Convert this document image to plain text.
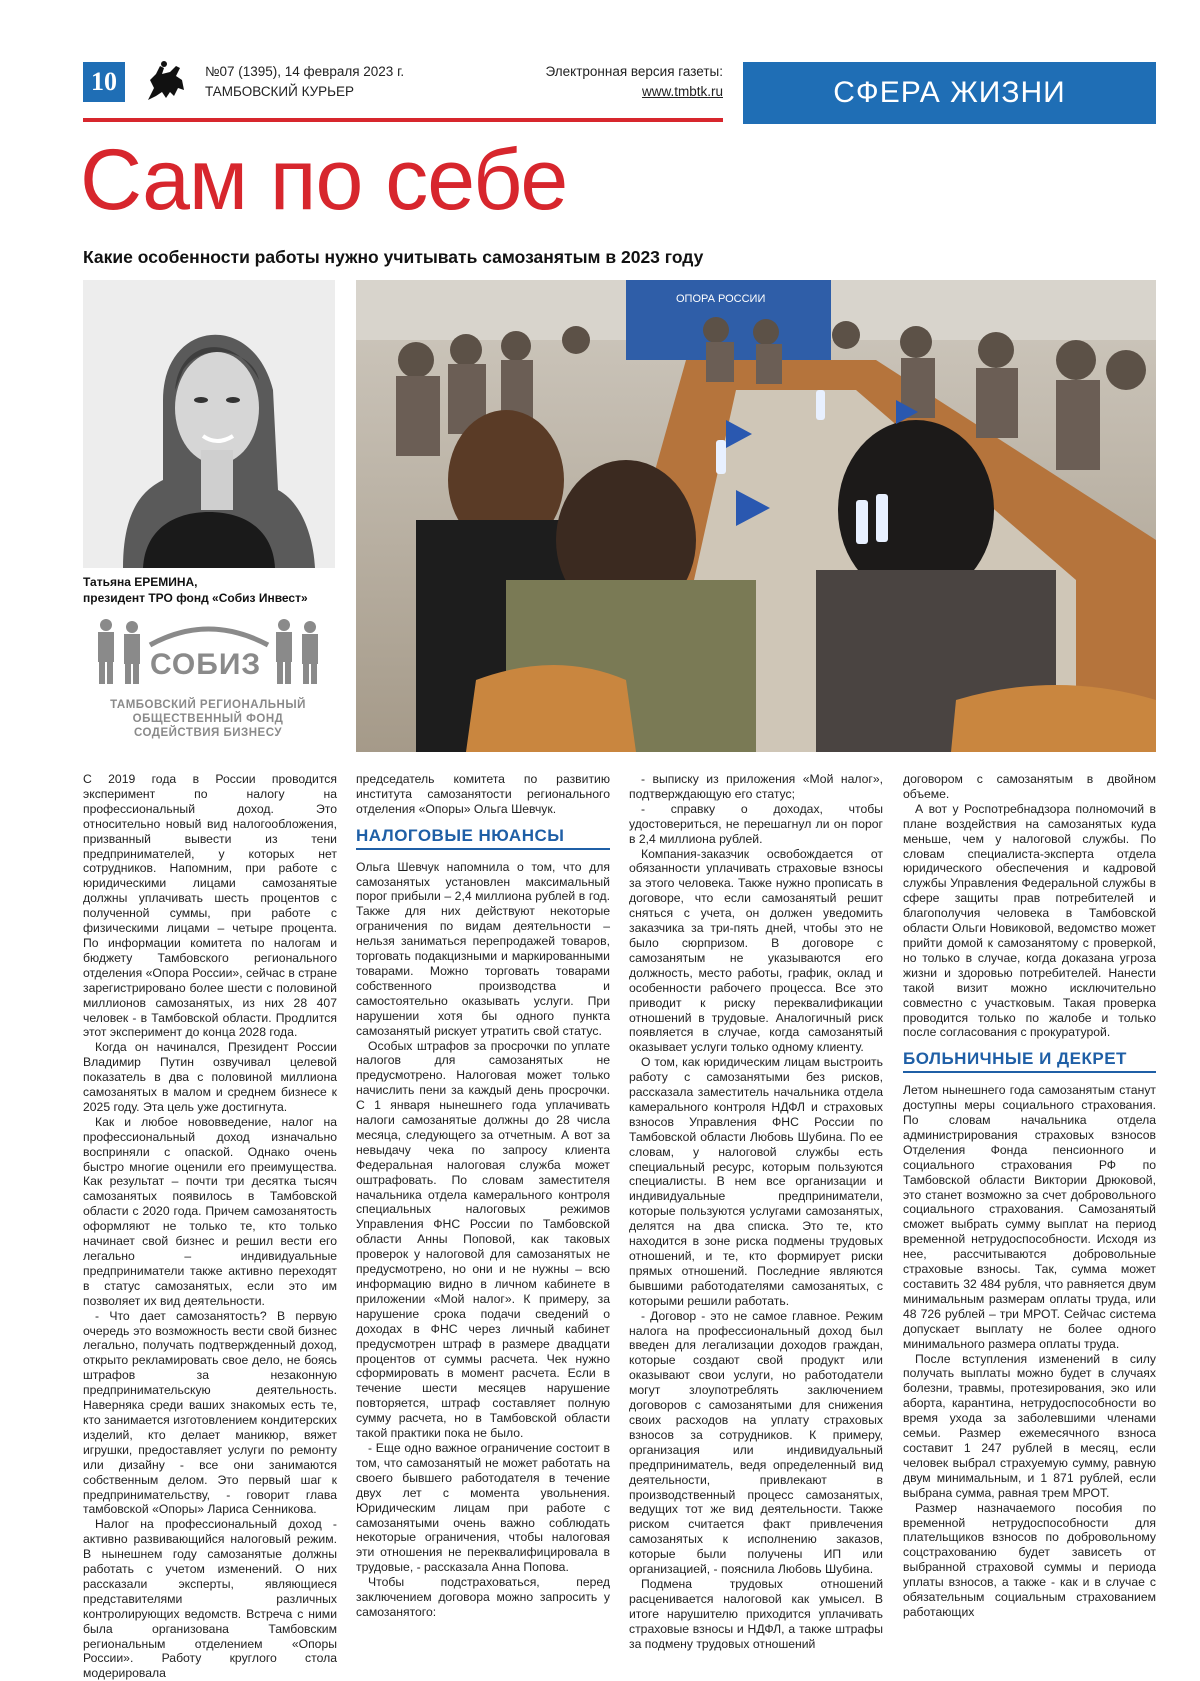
10	№07 (1395), 14 февраля 2023 г.
ТАМБОВСКИЙ КУРЬЕР
Электронная версия газеты:
www.tmbtk.ru	СФЕРА ЖИЗНИ
Сам по себе
Какие особенности работы нужно учитывать самозанятым в 2023 году
Татьяна ЕРЕМИНА,
президент ТРО фонд «Собиз Инвест»
СОБИЗ
ТАМБОВСКИЙ РЕГИОНАЛЬНЫЙ
ОБЩЕСТВЕННЫЙ ФОНД
СОДЕЙСТВИЯ БИЗНЕСУ
ОПОРА РОССИИ

С 2019 года в России проводится эксперимент по налогу на профессиональный доход. Это относительно новый вид налогообложения, призванный вывести из тени предпринимателей, у которых нет сотрудников. Напомним, при работе с юридическими лицами самозанятые должны уплачивать шесть процентов с полученной суммы, при работе с физическими лицами – четыре процента. По информации комитета по налогам и бюджету Тамбовского регионального отделения «Опора России», сейчас в стране зарегистрировано более шести с половиной миллионов самозанятых, из них 28 407 человек - в Тамбовской области. Продлится этот эксперимент до конца 2028 года.

Когда он начинался, Президент России Владимир Путин озвучивал целевой показатель в два с половиной миллиона самозанятых в малом и среднем бизнесе к 2025 году. Эта цель уже достигнута.

Как и любое нововведение, налог на профессиональный доход изначально восприняли с опаской. Однако очень быстро многие оценили его преимущества. Как результат – почти три десятка тысяч самозанятых появилось в Тамбовской области с 2020 года. Причем самозанятость оформляют не только те, кто только начинает свой бизнес и решил вести его легально – индивидуальные предприниматели также активно переходят в статус самозанятых, если это им позволяет их вид деятельности.

- Что дает самозанятость? В первую очередь это возможность вести свой бизнес легально, получать подтвержденный доход, открыто рекламировать свое дело, не боясь штрафов за незаконную предпринимательскую деятельность. Наверняка среди ваших знакомых есть те, кто занимается изготовлением кондитерских изделий, кто делает маникюр, вяжет игрушки, предоставляет услуги по ремонту или дизайну - все они занимаются собственным делом. Это первый шаг к предпринимательству, - говорит глава тамбовской «Опоры» Лариса Сенникова.

Налог на профессиональный доход - активно развивающийся налоговый режим. В нынешнем году самозанятые должны работать с учетом изменений. О них рассказали эксперты, являющиеся представителями различных контролирующих ведомств. Встреча с ними была организована Тамбовским региональным отделением «Опоры России». Работу круглого стола модерировала

председатель комитета по развитию института самозанятости регионального отделения «Опоры» Ольга Шевчук.

НАЛОГОВЫЕ НЮАНСЫ

Ольга Шевчук напомнила о том, что для самозанятых установлен максимальный порог прибыли – 2,4 миллиона рублей в год. Также для них действуют некоторые ограничения по видам деятельности – нельзя заниматься перепродажей товаров, торговать подакцизными и маркированными товарами. Можно торговать товарами собственного производства и самостоятельно оказывать услуги. При нарушении хотя бы одного пункта самозанятый рискует утратить свой статус.

Особых штрафов за просрочки по уплате налогов для самозанятых не предусмотрено. Налоговая может только начислить пени за каждый день просрочки. С 1 января нынешнего года уплачивать налоги самозанятые должны до 28 числа месяца, следующего за отчетным. А вот за невыдачу чека по запросу клиента Федеральная налоговая служба может оштрафовать. По словам заместителя начальника отдела камерального контроля специальных налоговых режимов Управления ФНС России по Тамбовской области Анны Поповой, как таковых проверок у налоговой для самозанятых не предусмотрено, но они и не нужны – всю информацию видно в личном кабинете в приложении «Мой налог». К примеру, за нарушение срока подачи сведений о доходах в ФНС через личный кабинет предусмотрен штраф в размере двадцати процентов от суммы расчета. Чек нужно сформировать в момент расчета. Если в течение шести месяцев нарушение повторяется, штраф составляет полную сумму расчета, но в Тамбовской области такой практики пока не было.

- Еще одно важное ограничение состоит в том, что самозанятый не может работать на своего бывшего работодателя в течение двух лет с момента увольнения. Юридическим лицам при работе с самозанятыми очень важно соблюдать некоторые ограничения, чтобы налоговая эти отношения не переквалифицировала в трудовые, - рассказала Анна Попова.

Чтобы подстраховаться, перед заключением договора можно запросить у самозанятого:

- выписку из приложения «Мой налог», подтверждающую его статус;

- справку о доходах, чтобы удостовериться, не перешагнул ли он порог в 2,4 миллиона рублей.

Компания-заказчик освобождается от обязанности уплачивать страховые взносы за этого человека. Также нужно прописать в договоре, что если самозанятый решит сняться с учета, он должен уведомить заказчика за три-пять дней, чтобы это не было сюрпризом. В договоре с самозанятым не указываются его должность, место работы, график, оклад и особенности рабочего процесса. Все это приводит к риску переквалификации отношений в трудовые. Аналогичный риск появляется в случае, когда самозанятый оказывает услуги только одному клиенту.

О том, как юридическим лицам выстроить работу с самозанятыми без рисков, рассказала заместитель начальника отдела камерального контроля НДФЛ и страховых взносов Управления ФНС России по Тамбовской области Любовь Шубина. По ее словам, у налоговой службы есть специальный ресурс, которым пользуются специалисты. В нем все организации и индивидуальные предприниматели, которые пользуются услугами самозанятых, делятся на два списка. Это те, кто находится в зоне риска подмены трудовых отношений, и те, кто формирует риски прямых отношений. Последние являются бывшими работодателями самозанятых, с которыми решили работать.

- Договор - это не самое главное. Режим налога на профессиональный доход был введен для легализации доходов граждан, которые создают свой продукт или оказывают свои услуги, но работодатели могут злоупотреблять заключением договоров с самозанятыми для снижения своих расходов на уплату страховых взносов за сотрудников. К примеру, организация или индивидуальный предприниматель, ведя определенный вид деятельности, привлекают в производственный процесс самозанятых, ведущих тот же вид деятельности. Также риском считается факт привлечения самозанятых к исполнению заказов, которые были получены ИП или организацией, - пояснила Любовь Шубина.

Подмена трудовых отношений расценивается налоговой как умысел. В итоге нарушителю приходится уплачивать страховые взносы и НДФЛ, а также штрафы за подмену трудовых отношений

договором с самозанятым в двойном объеме.

А вот у Роспотребнадзора полномочий в плане воздействия на самозанятых куда меньше, чем у налоговой службы. По словам специалиста-эксперта отдела юридического обеспечения и кадровой службы Управления Федеральной службы в сфере защиты прав потребителей и благополучия человека в Тамбовской области Ольги Новиковой, ведомство может прийти домой к самозанятому с проверкой, но только в случае, когда доказана угроза жизни и здоровью потребителей. Нанести такой визит можно исключительно совместно с участковым. Такая проверка проводится только по жалобе и только после согласования с прокуратурой.

БОЛЬНИЧНЫЕ И ДЕКРЕТ

Летом нынешнего года самозанятым станут доступны меры социального страхования. По словам начальника отдела администрирования страховых взносов Отделения Фонда пенсионного и социального страхования РФ по Тамбовской области Виктории Дрюковой, это станет возможно за счет добровольного социального страхования. Самозанятый сможет выбрать сумму выплат на период временной нетрудоспособности. Исходя из нее, рассчитываются добровольные страховые взносы. Так, сумма может составить 32 484 рубля, что равняется двум минимальным размерам оплаты труда, или 48 726 рублей – три МРОТ. Сейчас система допускает выплату не более одного минимального размера оплаты труда.

После вступления изменений в силу получать выплаты можно будет в случаях болезни, травмы, протезирования, эко или аборта, карантина, нетрудоспособности во время ухода за заболевшими членами семьи. Размер ежемесячного взноса составит 1 247 рублей в месяц, если человек выбрал страхуемую сумму, равную двум минимальным, и 1 871 рублей, если выбрана сумма, равная трем МРОТ.

Размер назначаемого пособия по временной нетрудоспособности для плательщиков взносов по добровольному соцстрахованию будет зависеть от выбранной страховой суммы и периода уплаты взносов, а также - как и в случае с обязательным социальным страхованием работающих
